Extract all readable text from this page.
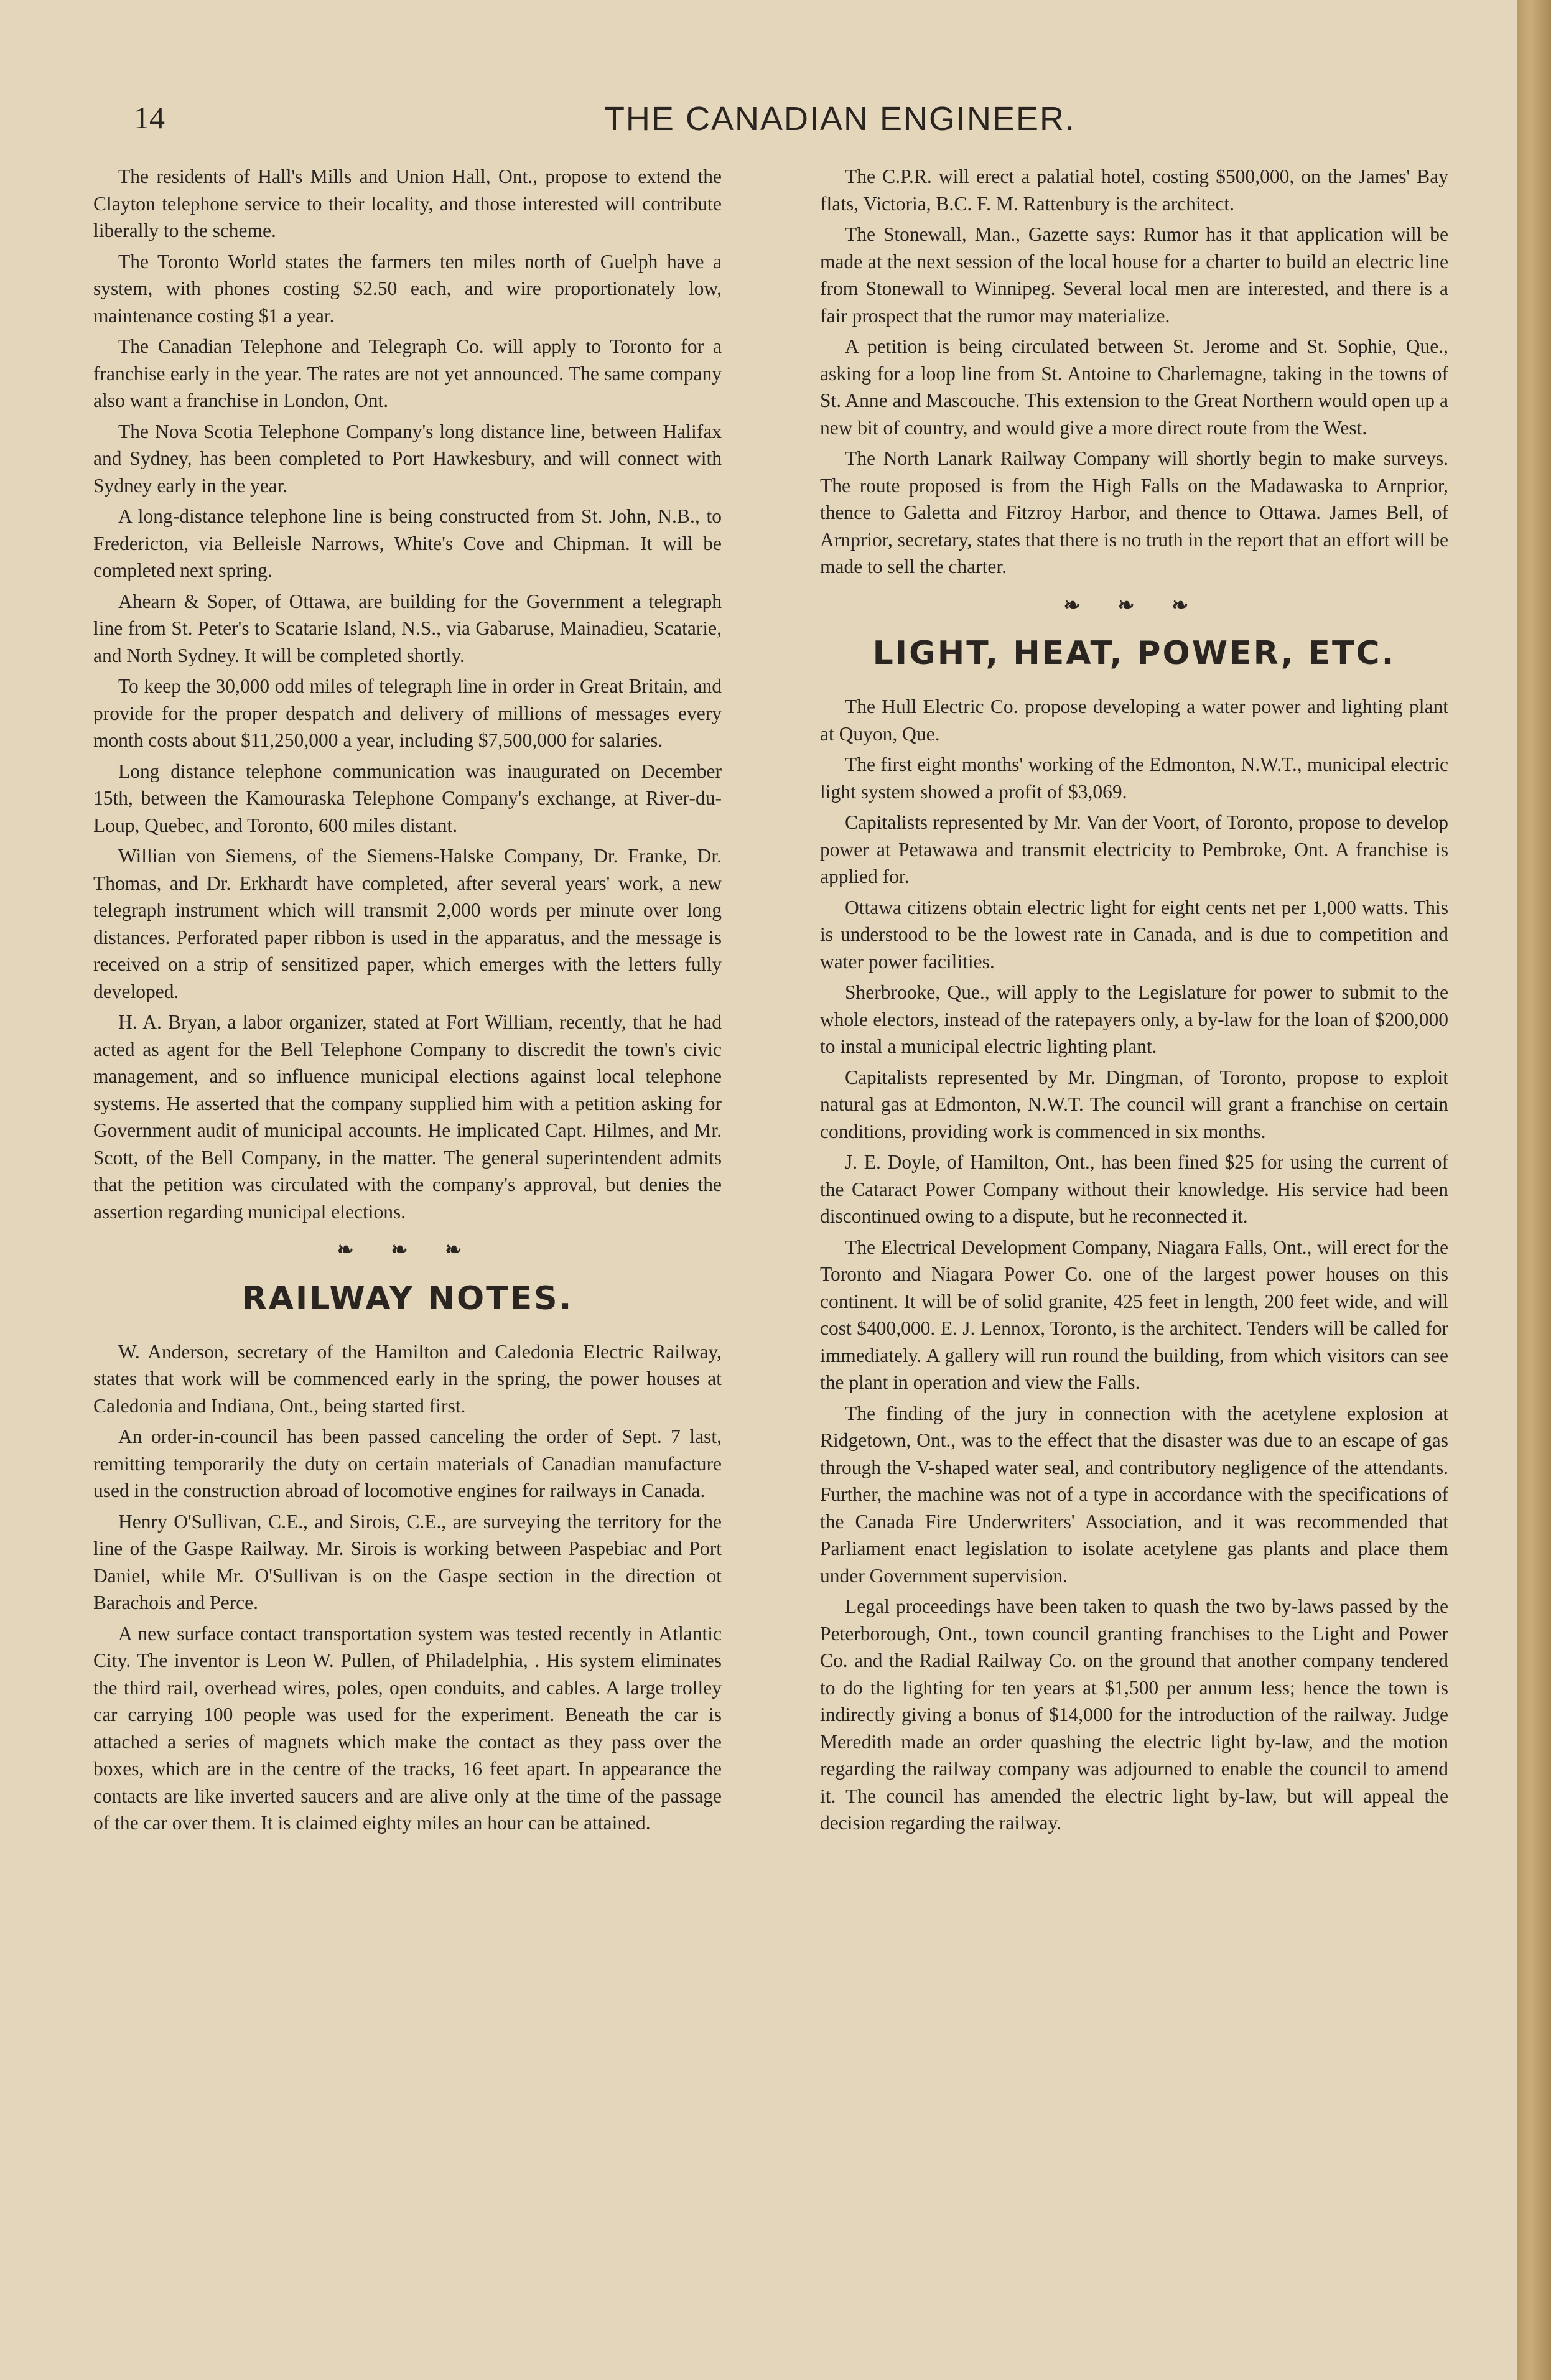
14	THE CANADIAN ENGINEER.

The residents of Hall's Mills and Union Hall, Ont., propose to extend the Clayton telephone service to their locality, and those interested will contribute liberally to the scheme.

The Toronto World states the farmers ten miles north of Guelph have a system, with phones costing $2.50 each, and wire proportionately low, maintenance costing $1 a year.

The Canadian Telephone and Telegraph Co. will apply to Toronto for a franchise early in the year. The rates are not yet announced. The same company also want a franchise in London, Ont.

The Nova Scotia Telephone Company's long distance line, between Halifax and Sydney, has been completed to Port Hawkesbury, and will connect with Sydney early in the year.

A long-distance telephone line is being constructed from St. John, N.B., to Fredericton, via Belleisle Narrows, White's Cove and Chipman. It will be completed next spring.

Ahearn & Soper, of Ottawa, are building for the Government a telegraph line from St. Peter's to Scatarie Island, N.S., via Gabaruse, Mainadieu, Scatarie, and North Sydney. It will be completed shortly.

To keep the 30,000 odd miles of telegraph line in order in Great Britain, and provide for the proper despatch and delivery of millions of messages every month costs about $11,250,000 a year, including $7,500,000 for salaries.

Long distance telephone communication was inaugurated on December 15th, between the Kamouraska Telephone Company's exchange, at River-du-Loup, Quebec, and Toronto, 600 miles distant.

Willian von Siemens, of the Siemens-Halske Company, Dr. Franke, Dr. Thomas, and Dr. Erkhardt have completed, after several years' work, a new telegraph instrument which will transmit 2,000 words per minute over long distances. Perforated paper ribbon is used in the apparatus, and the message is received on a strip of sensitized paper, which emerges with the letters fully developed.

H. A. Bryan, a labor organizer, stated at Fort William, recently, that he had acted as agent for the Bell Telephone Company to discredit the town's civic management, and so influence municipal elections against local telephone systems. He asserted that the company supplied him with a petition asking for Government audit of municipal accounts. He implicated Capt. Hilmes, and Mr. Scott, of the Bell Company, in the matter. The general superintendent admits that the petition was circulated with the company's approval, but denies the assertion regarding municipal elections.

❧ ❧ ❧
RAILWAY NOTES.

W. Anderson, secretary of the Hamilton and Caledonia Electric Railway, states that work will be commenced early in the spring, the power houses at Caledonia and Indiana, Ont., being started first.

An order-in-council has been passed canceling the order of Sept. 7 last, remitting temporarily the duty on certain materials of Canadian manufacture used in the construction abroad of locomotive engines for railways in Canada.

Henry O'Sullivan, C.E., and Sirois, C.E., are surveying the territory for the line of the Gaspe Railway. Mr. Sirois is working between Paspebiac and Port Daniel, while Mr. O'Sullivan is on the Gaspe section in the direction ot Barachois and Perce.

A new surface contact transportation system was tested recently in Atlantic City. The inventor is Leon W. Pullen, of Philadelphia, . His system eliminates the third rail, overhead wires, poles, open conduits, and cables. A large trolley car carrying 100 people was used for the experiment. Beneath the car is attached a series of magnets which make the contact as they pass over the boxes, which are in the centre of the tracks, 16 feet apart. In appearance the contacts are like inverted saucers and are alive only at the time of the passage of the car over them. It is claimed eighty miles an hour can be attained.

The C.P.R. will erect a palatial hotel, costing $500,000, on the James' Bay flats, Victoria, B.C. F. M. Rattenbury is the architect.

The Stonewall, Man., Gazette says: Rumor has it that application will be made at the next session of the local house for a charter to build an electric line from Stonewall to Winnipeg. Several local men are interested, and there is a fair prospect that the rumor may materialize.

A petition is being circulated between St. Jerome and St. Sophie, Que., asking for a loop line from St. Antoine to Charlemagne, taking in the towns of St. Anne and Mascouche. This extension to the Great Northern would open up a new bit of country, and would give a more direct route from the West.

The North Lanark Railway Company will shortly begin to make surveys. The route proposed is from the High Falls on the Madawaska to Arnprior, thence to Galetta and Fitzroy Harbor, and thence to Ottawa. James Bell, of Arnprior, secretary, states that there is no truth in the report that an effort will be made to sell the charter.

❧ ❧ ❧
LIGHT, HEAT, POWER, ETC.

The Hull Electric Co. propose developing a water power and lighting plant at Quyon, Que.

The first eight months' working of the Edmonton, N.W.T., municipal electric light system showed a profit of $3,069.

Capitalists represented by Mr. Van der Voort, of Toronto, propose to develop power at Petawawa and transmit electricity to Pembroke, Ont. A franchise is applied for.

Ottawa citizens obtain electric light for eight cents net per 1,000 watts. This is understood to be the lowest rate in Canada, and is due to competition and water power facilities.

Sherbrooke, Que., will apply to the Legislature for power to submit to the whole electors, instead of the ratepayers only, a by-law for the loan of $200,000 to instal a municipal electric lighting plant.

Capitalists represented by Mr. Dingman, of Toronto, propose to exploit natural gas at Edmonton, N.W.T. The council will grant a franchise on certain conditions, providing work is commenced in six months.

J. E. Doyle, of Hamilton, Ont., has been fined $25 for using the current of the Cataract Power Company without their knowledge. His service had been discontinued owing to a dispute, but he reconnected it.

The Electrical Development Company, Niagara Falls, Ont., will erect for the Toronto and Niagara Power Co. one of the largest power houses on this continent. It will be of solid granite, 425 feet in length, 200 feet wide, and will cost $400,000. E. J. Lennox, Toronto, is the architect. Tenders will be called for immediately. A gallery will run round the building, from which visitors can see the plant in operation and view the Falls.

The finding of the jury in connection with the acetylene explosion at Ridgetown, Ont., was to the effect that the disaster was due to an escape of gas through the V-shaped water seal, and contributory negligence of the attendants. Further, the machine was not of a type in accordance with the specifications of the Canada Fire Underwriters' Association, and it was recommended that Parliament enact legislation to isolate acetylene gas plants and place them under Government supervision.

Legal proceedings have been taken to quash the two by-laws passed by the Peterborough, Ont., town council granting franchises to the Light and Power Co. and the Radial Railway Co. on the ground that another company tendered to do the lighting for ten years at $1,500 per annum less; hence the town is indirectly giving a bonus of $14,000 for the introduction of the railway. Judge Meredith made an order quashing the electric light by-law, and the motion regarding the railway company was adjourned to enable the council to amend it. The council has amended the electric light by-law, but will appeal the decision regarding the railway.
